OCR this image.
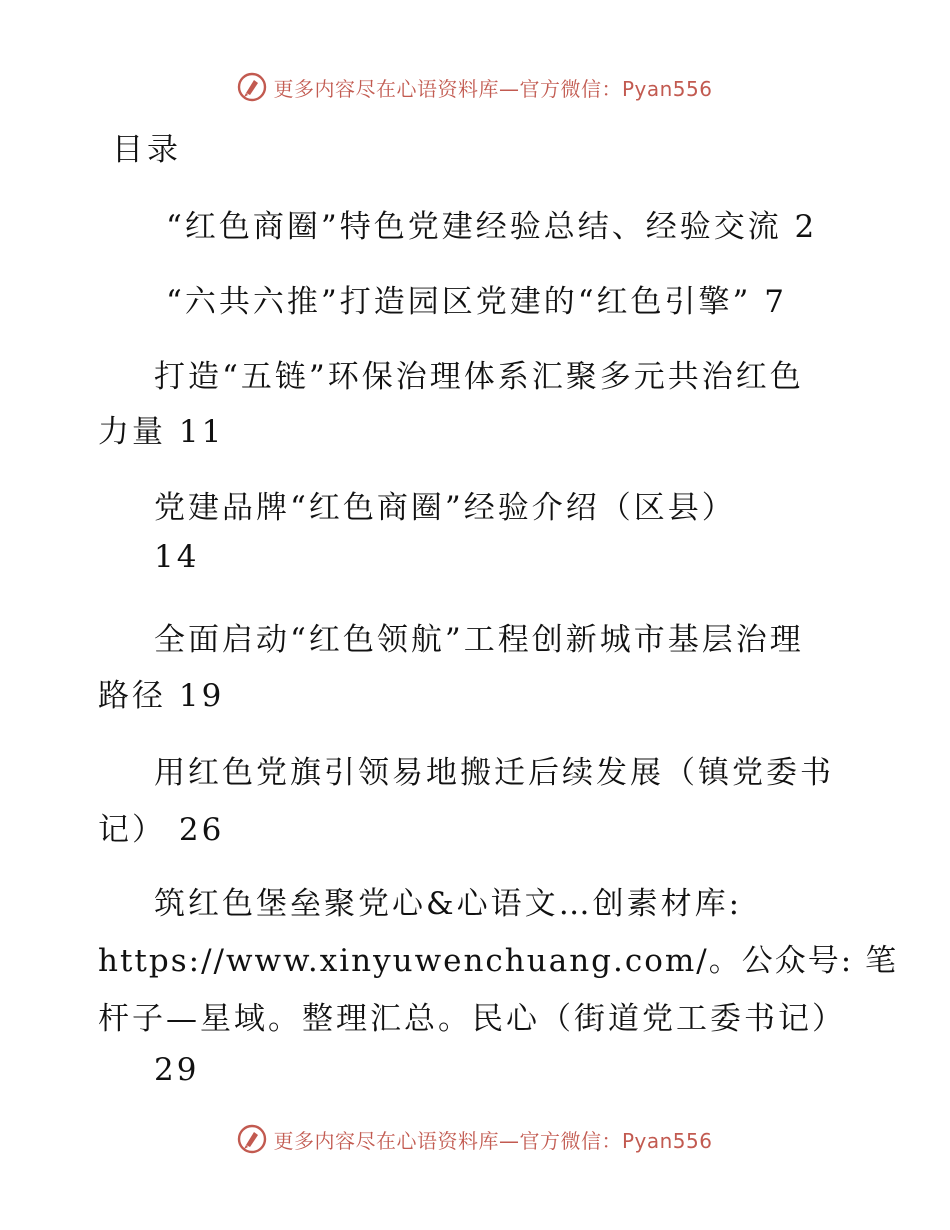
更多内容尽在心语资料库—官方微信：Pyan556
目录
“红色商圈”特色党建经验总结、经验交流 2
“六共六推”打造园区党建的“红色引擎” 7
打造“五链”环保治理体系汇聚多元共治红色
力量 11
党建品牌“红色商圈”经验介绍（区县）
14
全面启动“红色领航”工程创新城市基层治理
路径 19
用红色党旗引领易地搬迁后续发展（镇党委书
记） 26
筑红色堡垒聚党心&心语文…创素材库:
https://www.xinyuwenchuang.com/。公众号: 笔
杆子—星域。整理汇总。民心（街道党工委书记）
29
更多内容尽在心语资料库—官方微信：Pyan556
